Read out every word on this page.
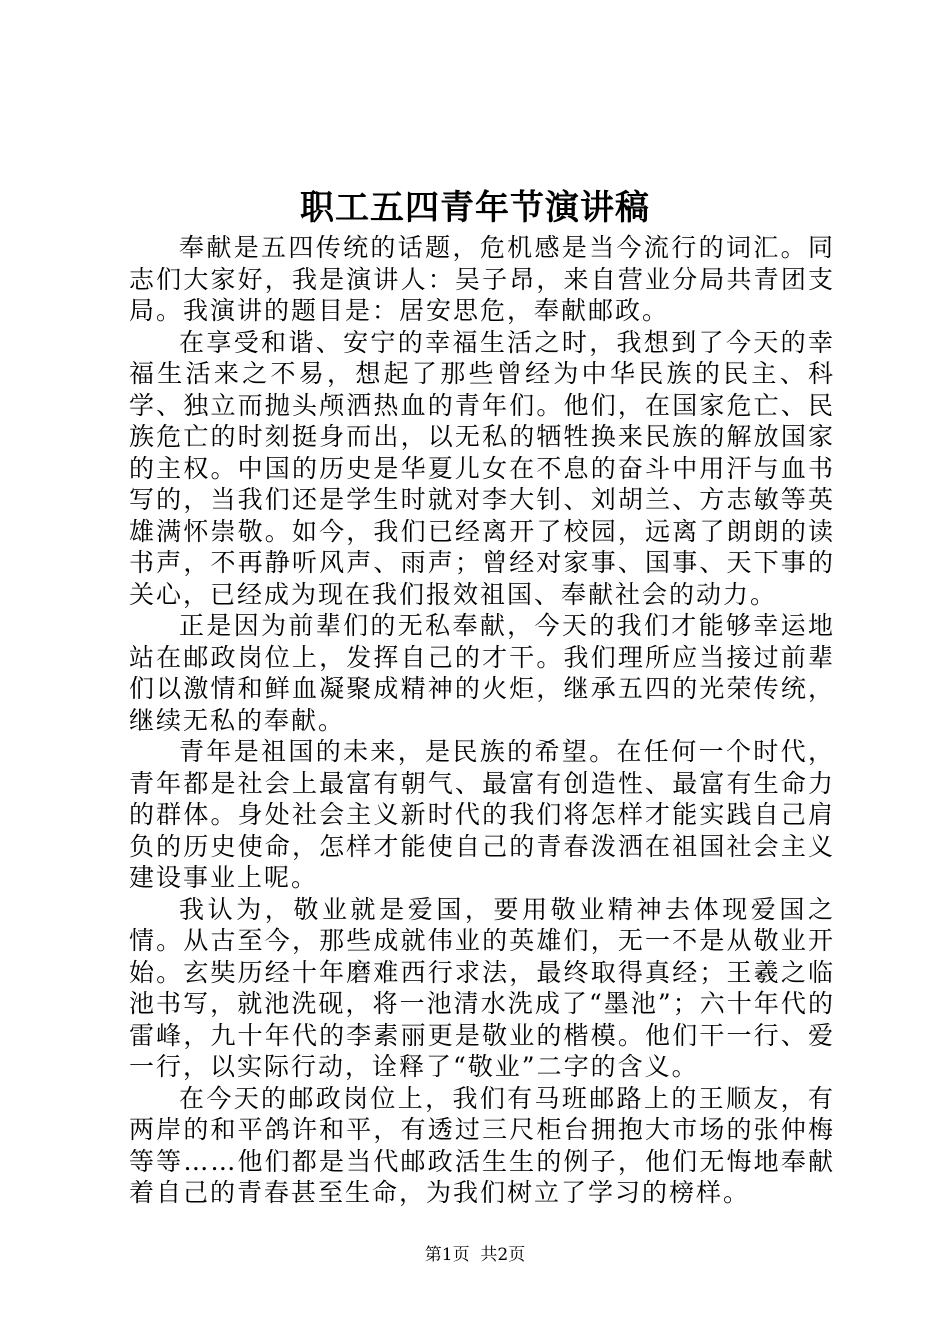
职工五四青年节演讲稿

奉献是五四传统的话题，危机感是当今流行的词汇。同志们大家好，我是演讲人：吴子昂，来自营业分局共青团支局。我演讲的题目是：居安思危，奉献邮政。

在享受和谐、安宁的幸福生活之时，我想到了今天的幸福生活来之不易，想起了那些曾经为中华民族的民主、科学、独立而抛头颅洒热血的青年们。他们，在国家危亡、民族危亡的时刻挺身而出，以无私的牺牲换来民族的解放国家的主权。中国的历史是华夏儿女在不息的奋斗中用汗与血书写的，当我们还是学生时就对李大钊、刘胡兰、方志敏等英雄满怀崇敬。如今，我们已经离开了校园，远离了朗朗的读书声，不再静听风声、雨声；曾经对家事、国事、天下事的关心，已经成为现在我们报效祖国、奉献社会的动力。

正是因为前辈们的无私奉献，今天的我们才能够幸运地站在邮政岗位上，发挥自己的才干。我们理所应当接过前辈们以激情和鲜血凝聚成精神的火炬，继承五四的光荣传统，继续无私的奉献。

青年是祖国的未来，是民族的希望。在任何一个时代，青年都是社会上最富有朝气、最富有创造性、最富有生命力的群体。身处社会主义新时代的我们将怎样才能实践自己肩负的历史使命，怎样才能使自己的青春泼洒在祖国社会主义建设事业上呢。

我认为，敬业就是爱国，要用敬业精神去体现爱国之情。从古至今，那些成就伟业的英雄们，无一不是从敬业开始。玄奘历经十年磨难西行求法，最终取得真经；王羲之临池书写，就池洗砚，将一池清水洗成了“墨池”；六十年代的雷峰，九十年代的李素丽更是敬业的楷模。他们干一行、爱一行，以实际行动，诠释了“敬业”二字的含义。

在今天的邮政岗位上，我们有马班邮路上的王顺友，有两岸的和平鸽许和平，有透过三尺柜台拥抱大市场的张仲梅等等……他们都是当代邮政活生生的例子，他们无悔地奉献着自己的青春甚至生命，为我们树立了学习的榜样。

第1页 共2页
